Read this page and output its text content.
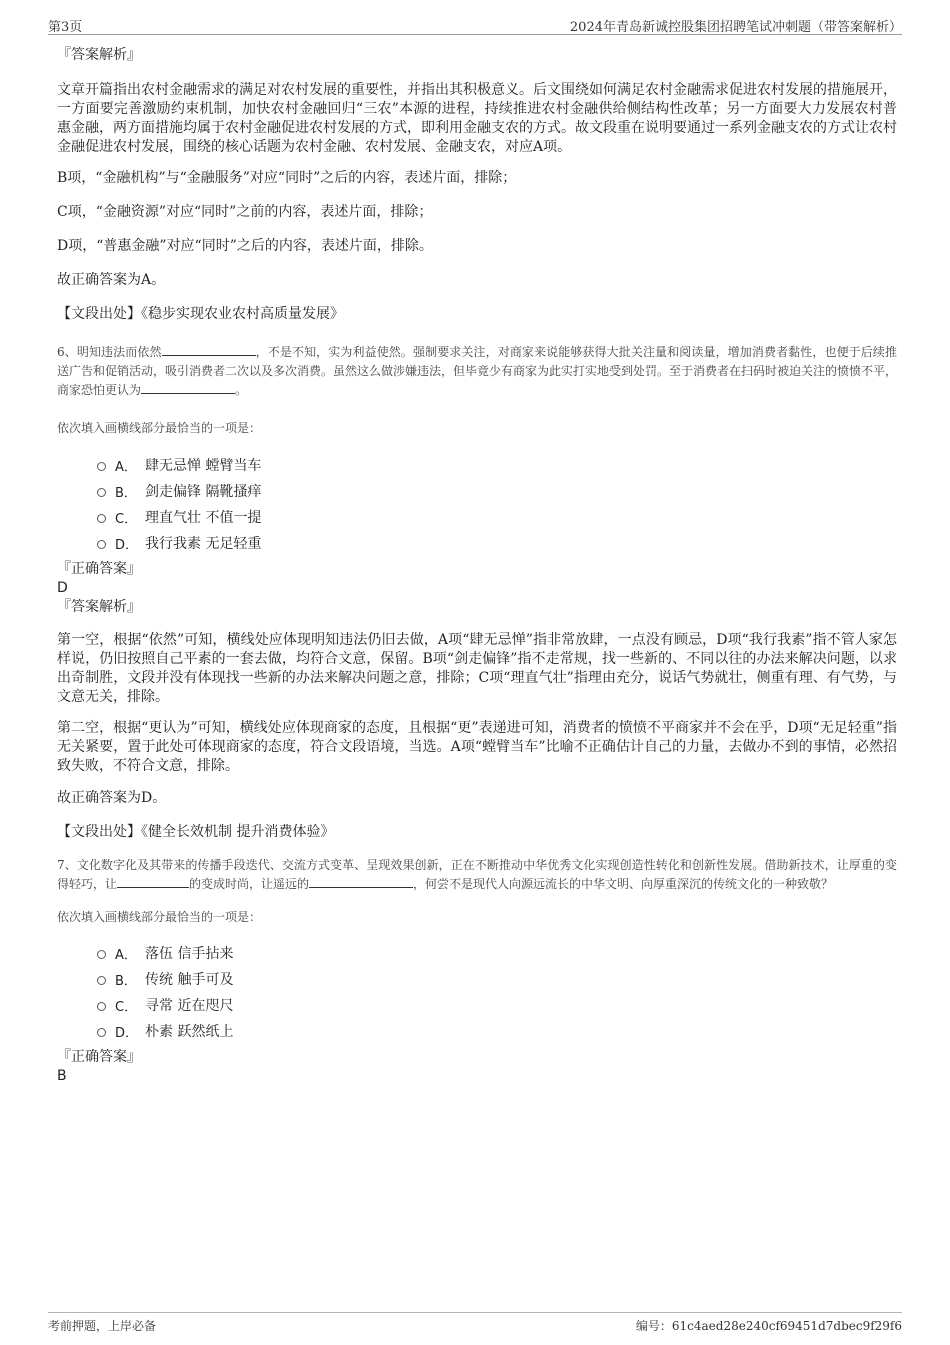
第3页	2024年青岛新诚控股集团招聘笔试冲刺题（带答案解析）

『答案解析』

文章开篇指出农村金融需求的满足对农村发展的重要性，并指出其积极意义。后文围绕如何满足农村金融需求促进农村发展的措施展开，一方面要完善激励约束机制，加快农村金融回归“三农”本源的进程，持续推进农村金融供给侧结构性改革；另一方面要大力发展农村普惠金融，两方面措施均属于农村金融促进农村发展的方式，即利用金融支农的方式。故文段重在说明要通过一系列金融支农的方式让农村金融促进农村发展，围绕的核心话题为农村金融、农村发展、金融支农，对应A项。

B项，“金融机构”与“金融服务”对应“同时”之后的内容，表述片面，排除；

C项，“金融资源”对应“同时”之前的内容，表述片面，排除；

D项，“普惠金融”对应“同时”之后的内容，表述片面，排除。

故正确答案为A。

【文段出处】《稳步实现农业农村高质量发展》

6、明知违法而依然	，不是不知，实为利益使然。强制要求关注，对商家来说能够获得大批关注量和阅读量，增加消费者黏性，也便于后续推送广告和促销活动，吸引消费者二次以及多次消费。虽然这么做涉嫌违法，但毕竟少有商家为此实打实地受到处罚。至于消费者在扫码时被迫关注的愤愤不平，商家恐怕更认为	。

依次填入画横线部分最恰当的一项是：

A． 肆无忌惮 螳臂当车
B． 剑走偏锋 隔靴搔痒
C． 理直气壮 不值一提
D． 我行我素 无足轻重

『正确答案』

D

『答案解析』

第一空，根据“依然”可知，横线处应体现明知违法仍旧去做，A项“肆无忌惮”指非常放肆，一点没有顾忌，D项“我行我素”指不管人家怎样说，仍旧按照自己平素的一套去做，均符合文意，保留。B项“剑走偏锋”指不走常规，找一些新的、不同以往的办法来解决问题，以求出奇制胜，文段并没有体现找一些新的办法来解决问题之意，排除；C项“理直气壮”指理由充分，说话气势就壮，侧重有理、有气势，与文意无关，排除。

第二空，根据“更认为”可知，横线处应体现商家的态度，且根据“更”表递进可知，消费者的愤愤不平商家并不会在乎，D项“无足轻重”指无关紧要，置于此处可体现商家的态度，符合文段语境，当选。A项“螳臂当车”比喻不正确估计自己的力量，去做办不到的事情，必然招致失败，不符合文意，排除。

故正确答案为D。

【文段出处】《健全长效机制 提升消费体验》

7、文化数字化及其带来的传播手段迭代、交流方式变革、呈现效果创新，正在不断推动中华优秀文化实现创造性转化和创新性发展。借助新技术，让厚重的变得轻巧，让	的变成时尚，让遥远的	，何尝不是现代人向源远流长的中华文明、向厚重深沉的传统文化的一种致敬？

依次填入画横线部分最恰当的一项是：

A． 落伍 信手拈来
B． 传统 触手可及
C． 寻常 近在咫尺
D． 朴素 跃然纸上

『正确答案』

B

考前押题，上岸必备	编号：61c4aed28e240cf69451d7dbec9f29f6
